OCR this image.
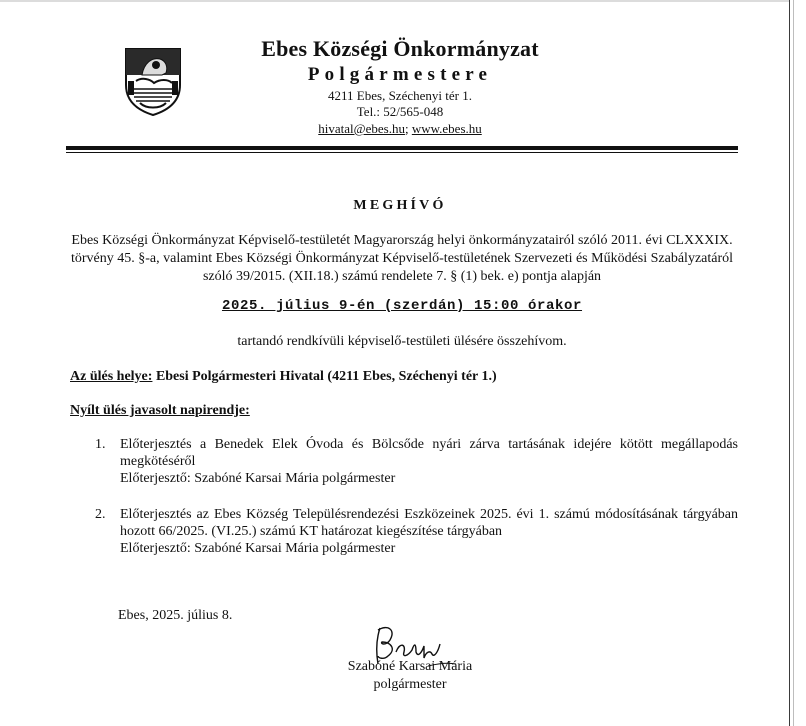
Ebes Községi Önkormányzat
Polgármestere
4211 Ebes, Széchenyi tér 1.
Tel.: 52/565-048
hivatal@ebes.hu; www.ebes.hu
MEGHÍVÓ
Ebes Községi Önkormányzat Képviselő-testületét Magyarország helyi önkormányzatairól szóló 2011. évi CLXXXIX. törvény 45. §-a, valamint Ebes Községi Önkormányzat Képviselő-testületének Szervezeti és Működési Szabályzatáról szóló 39/2015. (XII.18.) számú rendelete 7. § (1) bek. e) pontja alapján
2025. július 9-én (szerdán) 15:00 órakor
tartandó rendkívüli képviselő-testületi ülésére összehívom.
Az ülés helye: Ebesi Polgármesteri Hivatal (4211 Ebes, Széchenyi tér 1.)
Nyílt ülés javasolt napirendje:
1.	Előterjesztés a Benedek Elek Óvoda és Bölcsőde nyári zárva tartásának idejére kötött megállapodás megkötéséről
Előterjesztő: Szabóné Karsai Mária polgármester
2.	Előterjesztés az Ebes Község Településrendezési Eszközeinek 2025. évi 1. számú módosításának tárgyában hozott 66/2025. (VI.25.) számú KT határozat kiegészítése tárgyában
Előterjesztő: Szabóné Karsai Mária polgármester
Ebes, 2025. július 8.
Szabóné Karsai Mária
polgármester
